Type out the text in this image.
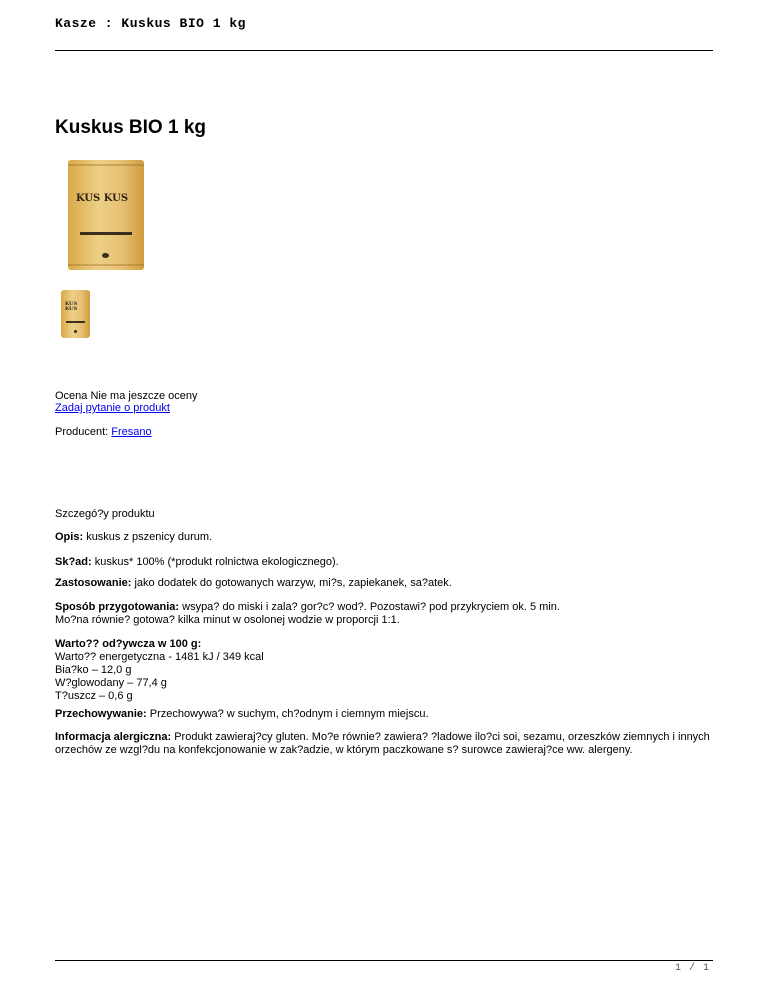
Kasze : Kuskus BIO 1 kg
Kuskus BIO 1 kg
KUS KUS
KUS KUS
Ocena Nie ma jeszcze oceny
Zadaj pytanie o produkt
Producent: Fresano
Szczegó?y produktu
Opis: kuskus z pszenicy durum.
Sk?ad: kuskus* 100% (*produkt rolnictwa ekologicznego).
Zastosowanie: jako dodatek do gotowanych warzyw, mi?s, zapiekanek, sa?atek.
Sposób przygotowania: wsypa? do miski i zala? gor?c? wod?. Pozostawi? pod przykryciem ok. 5 min.
Mo?na równie? gotowa? kilka minut w osolonej wodzie w proporcji 1:1.
Warto?? od?ywcza w 100 g:
Warto?? energetyczna - 1481 kJ / 349 kcal
Bia?ko – 12,0 g
W?glowodany – 77,4 g
T?uszcz – 0,6 g
Przechowywanie: Przechowywa? w suchym, ch?odnym i ciemnym miejscu.
Informacja alergiczna: Produkt zawieraj?cy gluten. Mo?e równie? zawiera? ?ladowe ilo?ci soi, sezamu, orzeszków ziemnych i innych
orzechów ze wzgl?du na konfekcjonowanie w zak?adzie, w którym paczkowane s? surowce zawieraj?ce ww. alergeny.
1 / 1
